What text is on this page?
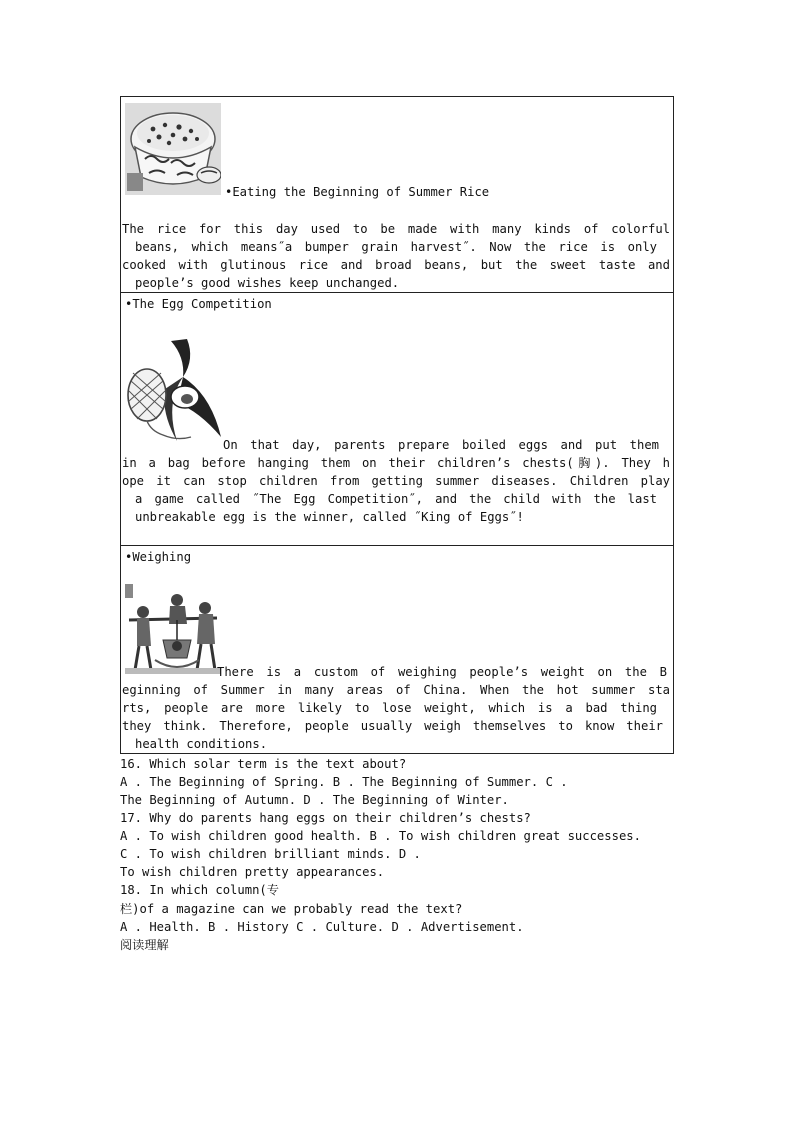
•Eating the Beginning of Summer Rice
The rice for this day used to be made with many kinds of colorful
beans, which means˝a bumper grain harvest˝. Now the rice is only
cooked with glutinous rice and broad beans, but the sweet taste and
people’s good wishes keep unchanged.
•The Egg Competition
On that day, parents prepare boiled eggs and put them
in a bag before hanging them on their children’s chests(胸). They h
ope it can stop children from getting summer diseases. Children play
a game called ˝The Egg Competition˝, and the child with the last
unbreakable egg is the winner, called ˝King of Eggs˝!
•Weighing
There is a custom of weighing people’s weight on the B
eginning of Summer in many areas of China. When the hot summer sta
rts, people are more likely to lose weight, which is a bad thing
they think. Therefore, people usually weigh themselves to know their
health conditions.
16. Which solar term is the text about?
A . The Beginning of Spring. B . The Beginning of Summer. C .
The Beginning of Autumn. D . The Beginning of Winter.
17. Why do parents hang eggs on their children’s chests?
A . To wish children good health. B . To wish children great successes.
C . To wish children brilliant minds. D .
To wish children pretty appearances.
18. In which column(专
栏)of a magazine can we probably read the text?
A . Health. B . History C . Culture. D . Advertisement.
阅读理解
